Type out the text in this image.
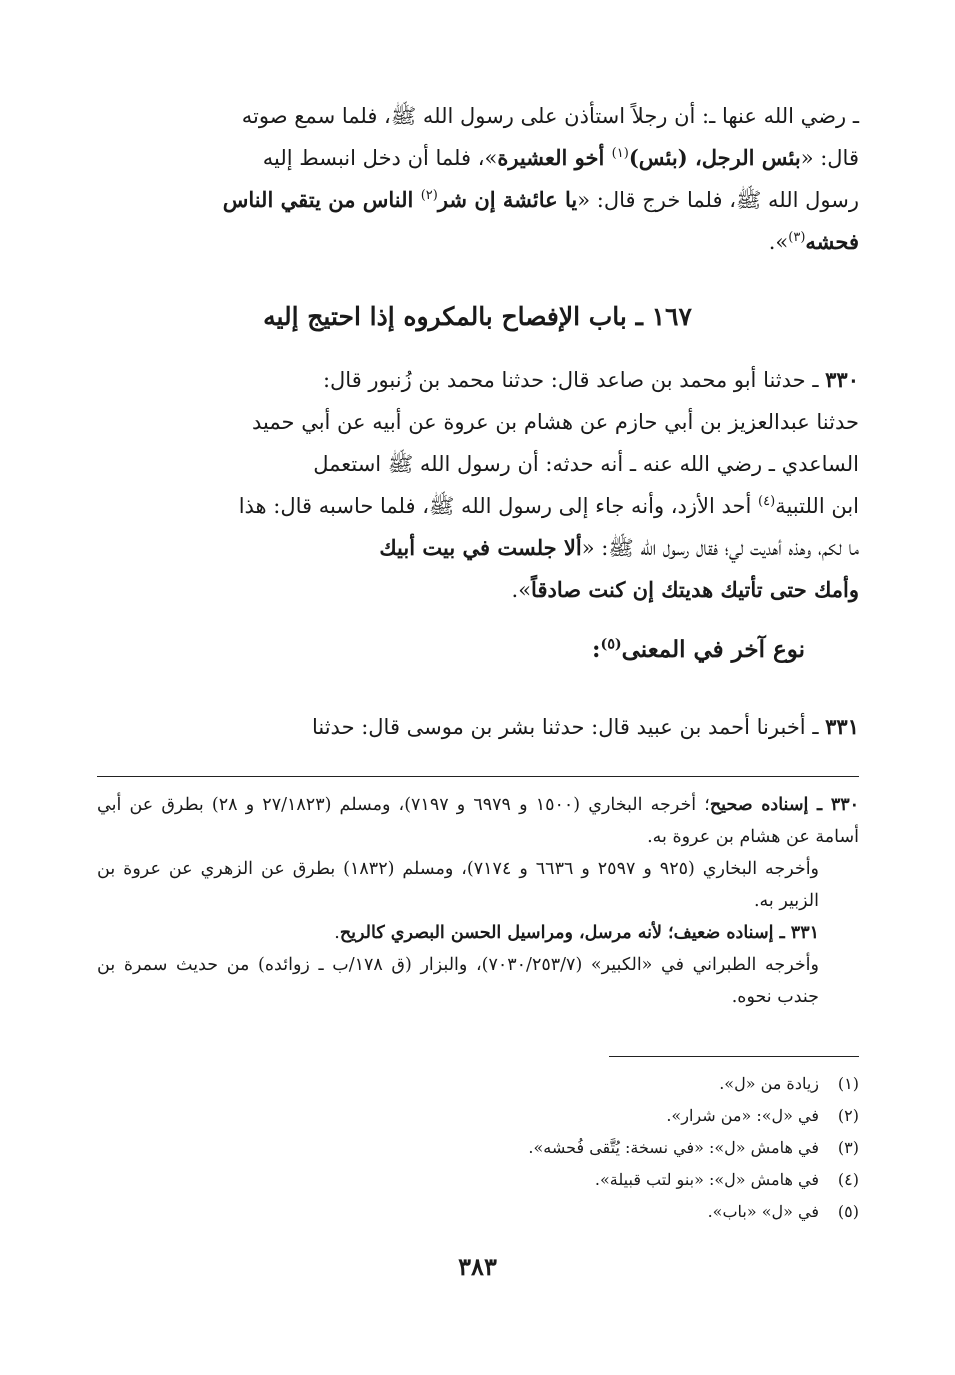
ـ رضي الله عنها ـ: أن رجلاً استأذن على رسول الله ﷺ، فلما سمع صوته
قال: «بئس الرجل، (بئس)$^{(١)}$ أخو العشيرة»، فلما أن دخل انبسط إليه
رسول الله ﷺ، فلما خرج قال: «يا عائشة إن شر$^{(٢)}$ الناس من يتقي الناس
فحشه$^{(٣)}$».
١٦٧ ـ باب الإفصاح بالمكروه إذا احتيج إليه
٣٣٠ ـ حدثنا أبو محمد بن صاعد قال: حدثنا محمد بن زُنبور قال:
حدثنا عبدالعزيز بن أبي حازم عن هشام بن عروة عن أبيه عن أبي حميد
الساعدي ـ رضي الله عنه ـ أنه حدثه: أن رسول الله ﷺ استعمل
ابن اللتبية$^{(٤)}$ أحد الأزد، وأنه جاء إلى رسول الله ﷺ، فلما حاسبه قال: هذا
ما لكم، وهذه أهديت لي؛ فقال رسول الله ﷺ: «ألا جلست في بيت أبيك
وأمك حتى تأتيك هديتك إن كنت صادقاً».
نوع آخر في المعنى$^{(٥)}$:
٣٣١ ـ أخبرنا أحمد بن عبيد قال: حدثنا بشر بن موسى قال: حدثنا

٣٣٠ ـ إسناده صحيح؛ أخرجه البخاري (١٥٠٠ و ٦٩٧٩ و ٧١٩٧)، ومسلم (٢٧/١٨٢٣ و ٢٨) بطرق عن أبي أسامة عن هشام بن عروة به.

وأخرجه البخاري (٩٢٥ و ٢٥٩٧ و ٦٦٣٦ و ٧١٧٤)، ومسلم (١٨٣٢) بطرق عن الزهري عن عروة بن الزبير به.

٣٣١ ـ إسناده ضعيف؛ لأنه مرسل، ومراسيل الحسن البصري كالريح.

وأخرجه الطبراني في «الكبير» (٧٠٣٠/٢٥٣/٧)، والبزار (ق ١٧٨/ب ـ زوائده) من حديث سمرة بن جندب نحوه.

(١)زيادة من «ل».
(٢)في «ل»: «من شرار».
(٣)في هامش «ل»: «في نسخة: يُتَّقى فُحشه».
(٤)في هامش «ل»: «بنو لتب قبيلة».
(٥)في «ل» «باب».
٣٨٣
